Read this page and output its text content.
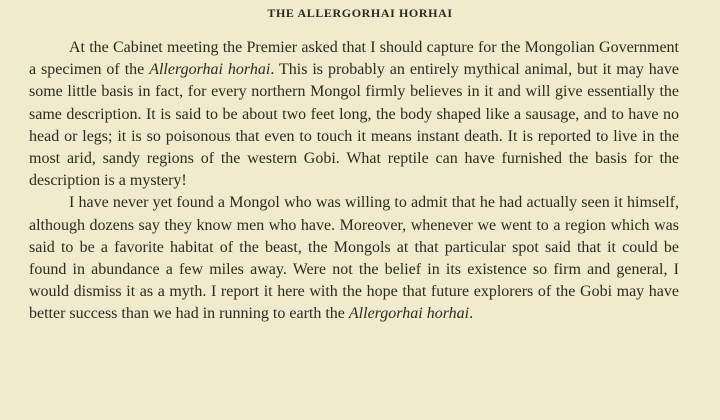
THE ALLERGORHAI HORHAI

At the Cabinet meeting the Premier asked that I should capture for the Mongolian Government a specimen of the Allergorhai horhai. This is probably an entirely mythical animal, but it may have some little basis in fact, for every northern Mongol firmly believes in it and will give essentially the same description. It is said to be about two feet long, the body shaped like a sausage, and to have no head or legs; it is so poisonous that even to touch it means instant death. It is reported to live in the most arid, sandy regions of the western Gobi. What reptile can have furnished the basis for the description is a mystery!

I have never yet found a Mongol who was willing to admit that he had actually seen it himself, although dozens say they know men who have. Moreover, whenever we went to a region which was said to be a favorite habitat of the beast, the Mongols at that particular spot said that it could be found in abundance a few miles away. Were not the belief in its existence so firm and general, I would dismiss it as a myth. I report it here with the hope that future explorers of the Gobi may have better success than we had in running to earth the Allergorhai horhai.
